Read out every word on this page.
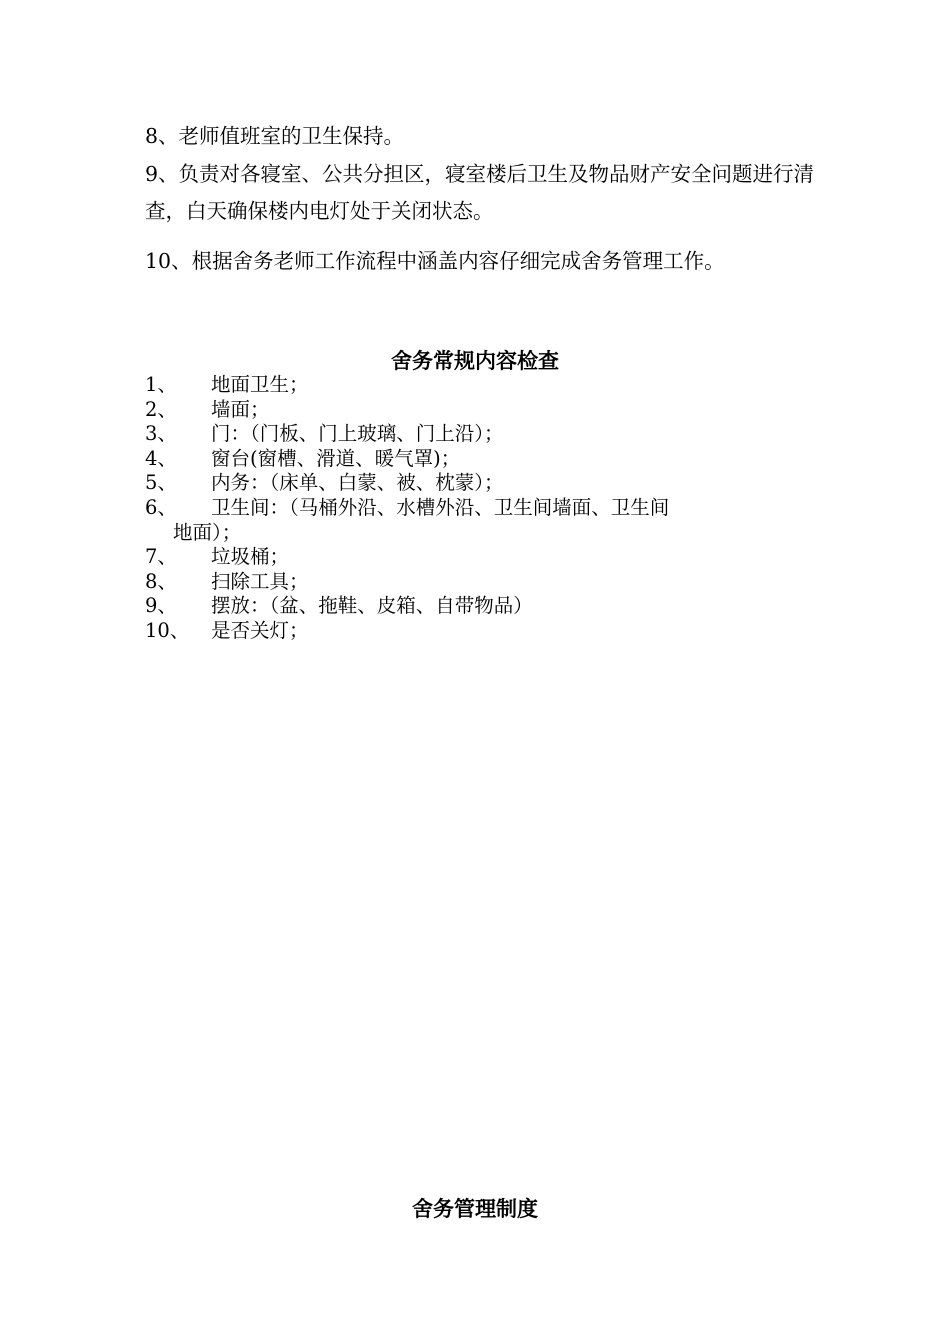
8、老师值班室的卫生保持。

9、负责对各寝室、公共分担区，寝室楼后卫生及物品财产安全问题进行清查，白天确保楼内电灯处于关闭状态。

10、根据舍务老师工作流程中涵盖内容仔细完成舍务管理工作。

舍务常规内容检查
1、 地面卫生；
2、 墙面；
3、 门：（门板、门上玻璃、门上沿）；
4、 窗台(窗槽、滑道、暖气罩)；
5、 内务：（床单、白蒙、被、枕蒙）；
6、 卫生间：（马桶外沿、水槽外沿、卫生间墙面、卫生间
地面）；
7、 垃圾桶；
8、 扫除工具；
9、 摆放：（盆、拖鞋、皮箱、自带物品）
10、 是否关灯；
舍务管理制度
